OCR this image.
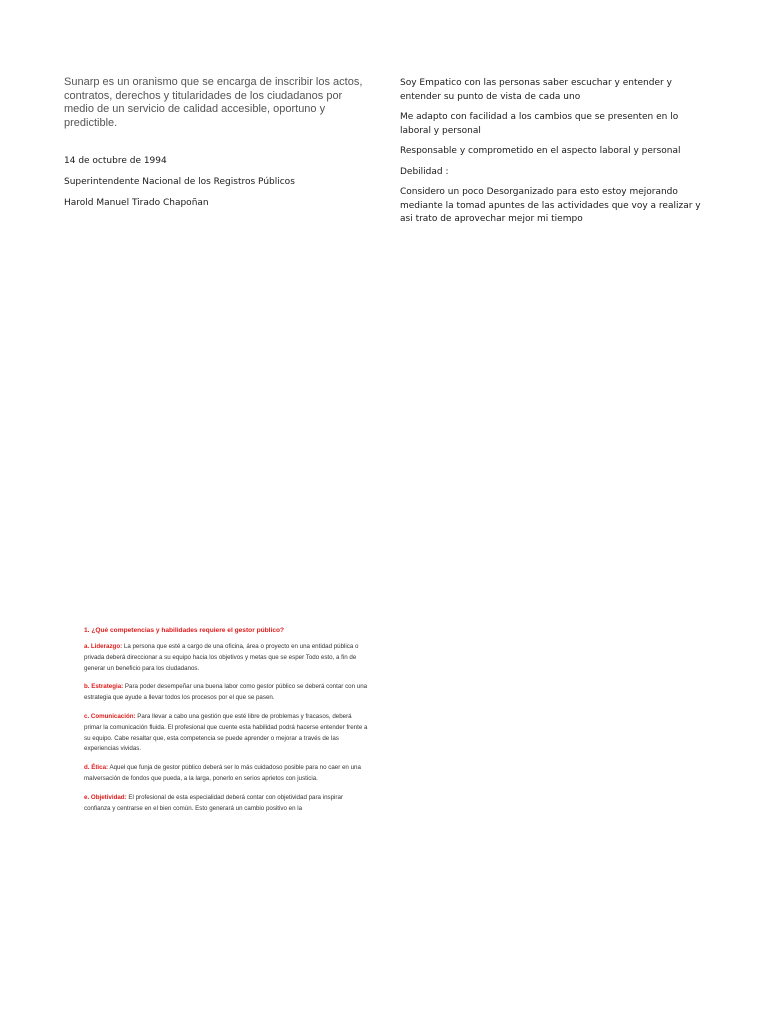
Sunarp es un oranismo que se encarga de inscribir los actos, contratos, derechos y titularidades de los ciudadanos por medio de un servicio de calidad accesible, oportuno y predictible.

14 de octubre de 1994

Superintendente Nacional de los Registros Públicos

Harold Manuel Tirado Chapoñan

Soy Empatico con las personas saber escuchar y entender y entender su punto de vista de cada uno

Me adapto con facilidad a los cambios que se presenten en lo laboral y personal

Responsable y comprometido en el aspecto laboral y personal

Debilidad :

Considero un poco Desorganizado para esto estoy mejorando mediante la tomad apuntes de las actividades que voy a realizar y asi trato de aprovechar mejor mi tiempo

1. ¿Qué competencias y habilidades requiere el gestor público?

a. Liderazgo: La persona que esté a cargo de una oficina, área o proyecto en una entidad pública o privada deberá direccionar a su equipo hacia los objetivos y metas que se esper Todo esto, a fin de generar un beneficio para los ciudadanos.

b. Estrategia: Para poder desempeñar una buena labor como gestor público se deberá contar con una estrategia que ayude a llevar todos los procesos por el que se pasen.

c. Comunicación: Para llevar a cabo una gestión que esté libre de problemas y fracasos, deberá primar la comunicación fluida. El profesional que cuente esta habilidad podrá hacerse entender frente a su equipo. Cabe resaltar que, esta competencia se puede aprender o mejorar a través de las experiencias vividas.

d. Ética: Aquel que funja de gestor público deberá ser lo más cuidadoso posible para no caer en una malversación de fondos que pueda, a la larga, ponerlo en serios aprietos con justicia.

e. Objetividad: El profesional de esta especialidad deberá contar con objetividad para inspirar confianza y centrarse en el bien común. Esto generará un cambio positivo en la
